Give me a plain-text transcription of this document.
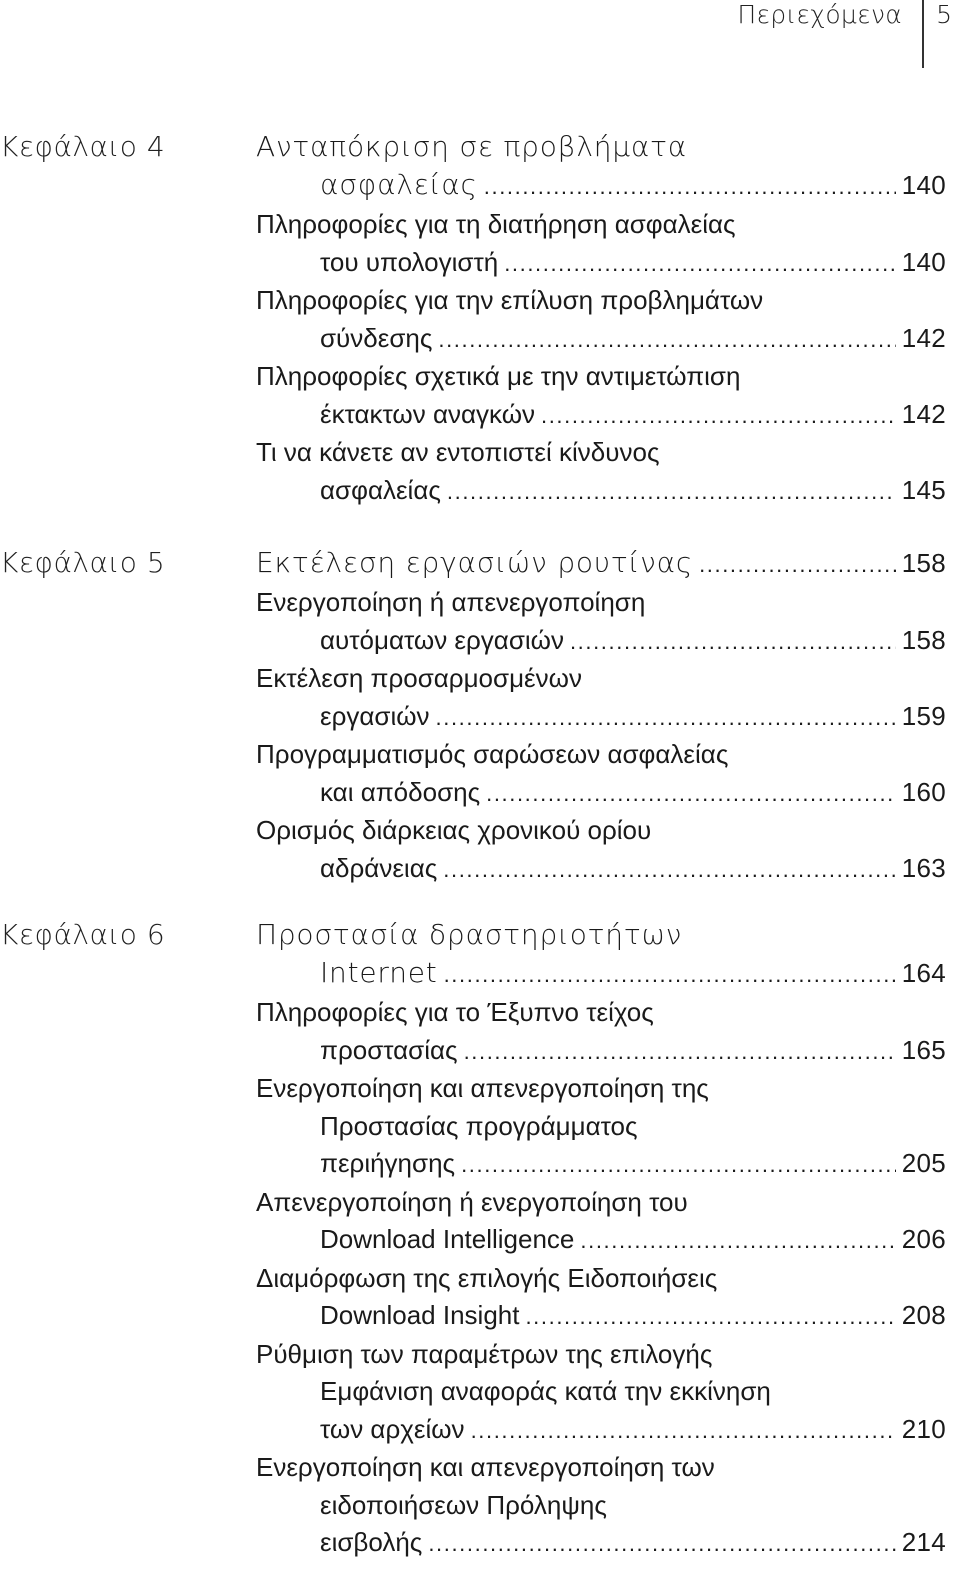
Περιεχόμενα 5
Κεφάλαιο 4	Ανταπόκριση σε προβλήματα
ασφαλείας .....	140
Πληροφορίες για τη διατήρηση ασφαλείας
του υπολογιστή .....	140
Πληροφορίες για την επίλυση προβλημάτων
σύνδεσης .....	142
Πληροφορίες σχετικά με την αντιμετώπιση
έκτακτων αναγκών .....	142
Τι να κάνετε αν εντοπιστεί κίνδυνος
ασφαλείας .....	145
Κεφάλαιο 5	Εκτέλεση εργασιών ρουτίνας .....	158
Ενεργοποίηση ή απενεργοποίηση
αυτόματων εργασιών .....	158
Εκτέλεση προσαρμοσμένων
εργασιών .....	159
Προγραμματισμός σαρώσεων ασφαλείας
και απόδοσης .....	160
Ορισμός διάρκειας χρονικού ορίου
αδράνειας .....	163
Κεφάλαιο 6	Προστασία δραστηριοτήτων
Internet .....	164
Πληροφορίες για το Έξυπνο τείχος
προστασίας .....	165
Ενεργοποίηση και απενεργοποίηση της
Προστασίας προγράμματος
περιήγησης .....	205
Απενεργοποίηση ή ενεργοποίηση του
Download Intelligence .....	206
Διαμόρφωση της επιλογής Ειδοποιήσεις
Download Insight .....	208
Ρύθμιση των παραμέτρων της επιλογής
Εμφάνιση αναφοράς κατά την εκκίνηση
των αρχείων .....	210
Ενεργοποίηση και απενεργοποίηση των
ειδοποιήσεων Πρόληψης
εισβολής .....	214
